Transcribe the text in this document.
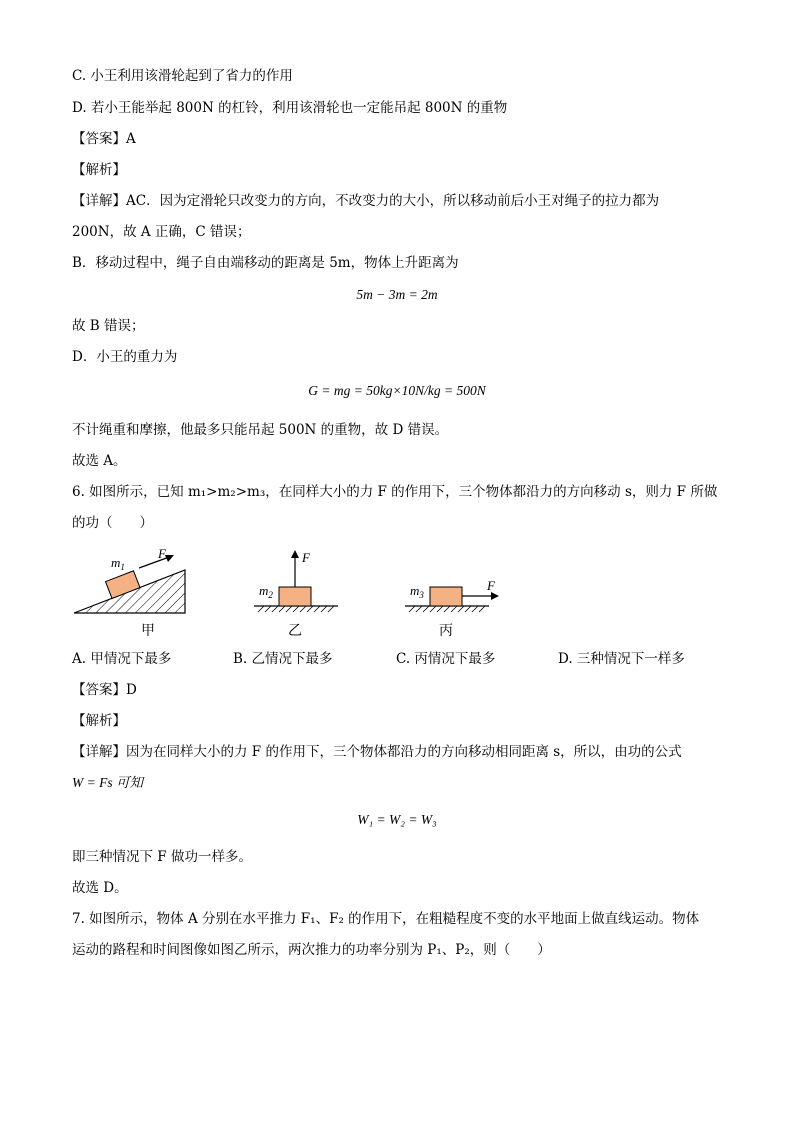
C. 小王利用该滑轮起到了省力的作用
D. 若小王能举起 800N 的杠铃，利用该滑轮也一定能吊起 800N 的重物
【答案】A
【解析】
【详解】AC．因为定滑轮只改变力的方向，不改变力的大小，所以移动前后小王对绳子的拉力都为
200N，故 A 正确，C 错误；
B．移动过程中，绳子自由端移动的距离是 5m，物体上升距离为
5m − 3m = 2m
故 B 错误；
D．小王的重力为
G = mg = 50kg×10N/kg = 500N
不计绳重和摩擦，他最多只能吊起 500N 的重物，故 D 错误。
故选 A。
6. 如图所示，已知 m₁>m₂>m₃，在同样大小的力 F 的作用下，三个物体都沿力的方向移动 s，则力 F 所做
的功（　　）
$m_1$
F
甲
F
$m_2$
乙
F
$m_3$
丙
A. 甲情况下最多	B. 乙情况下最多	C. 丙情况下最多	D. 三种情况下一样多
【答案】D
【解析】
【详解】因为在同样大小的力 F 的作用下，三个物体都沿力的方向移动相同距离 s，所以，由功的公式
W = Fs 可知
W₁ = W₂ = W₃
即三种情况下 F 做功一样多。
故选 D。
7. 如图所示，物体 A 分别在水平推力 F₁、F₂ 的作用下，在粗糙程度不变的水平地面上做直线运动。物体
运动的路程和时间图像如图乙所示，两次推力的功率分别为 P₁、P₂，则（　　）
